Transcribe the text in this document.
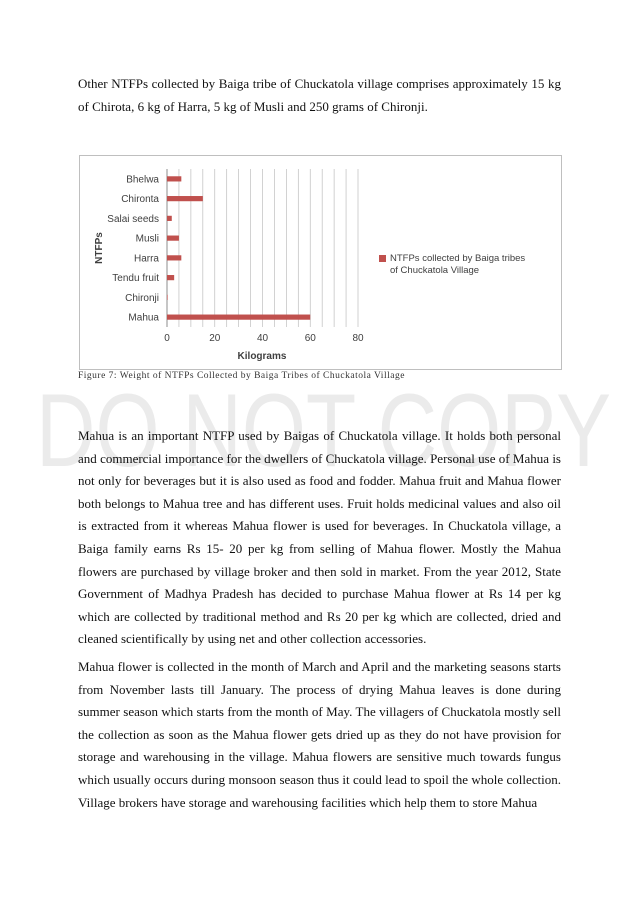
Other NTFPs collected by Baiga tribe of Chuckatola village comprises approximately 15 kg of Chirota, 6 kg of Harra, 5 kg of Musli and 250 grams of Chironji.

Mahua
Chironji
Tendu fruit
Harra
Musli
Salai seeds
Chironta
Bhelwa
0	20	40	60	80
Kilograms
NTFPs	NTFPs collected by Baiga tribes of Chuckatola Village
Figure 7: Weight of NTFPs Collected by Baiga Tribes of Chuckatola Village
DO NOT COPY

Mahua is an important NTFP used by Baigas of Chuckatola village. It holds both personal and commercial importance for the dwellers of Chuckatola village. Personal use of Mahua is not only for beverages but it is also used as food and fodder. Mahua fruit and Mahua flower both belongs to Mahua tree and has different uses. Fruit holds medicinal values and also oil is extracted from it whereas Mahua flower is used for beverages. In Chuckatola village, a Baiga family earns Rs 15- 20 per kg from selling of Mahua flower. Mostly the Mahua flowers are purchased by village broker and then sold in market. From the year 2012, State Government of Madhya Pradesh has decided to purchase Mahua flower at Rs 14 per kg which are collected by traditional method and Rs 20 per kg which are collected, dried and cleaned scientifically by using net and other collection accessories.

Mahua flower is collected in the month of March and April and the marketing seasons starts from November lasts till January. The process of drying Mahua leaves is done during summer season which starts from the month of May. The villagers of Chuckatola mostly sell the collection as soon as the Mahua flower gets dried up as they do not have provision for storage and warehousing in the village. Mahua flowers are sensitive much towards fungus which usually occurs during monsoon season thus it could lead to spoil the whole collection. Village brokers have storage and warehousing facilities which help them to store Mahua
